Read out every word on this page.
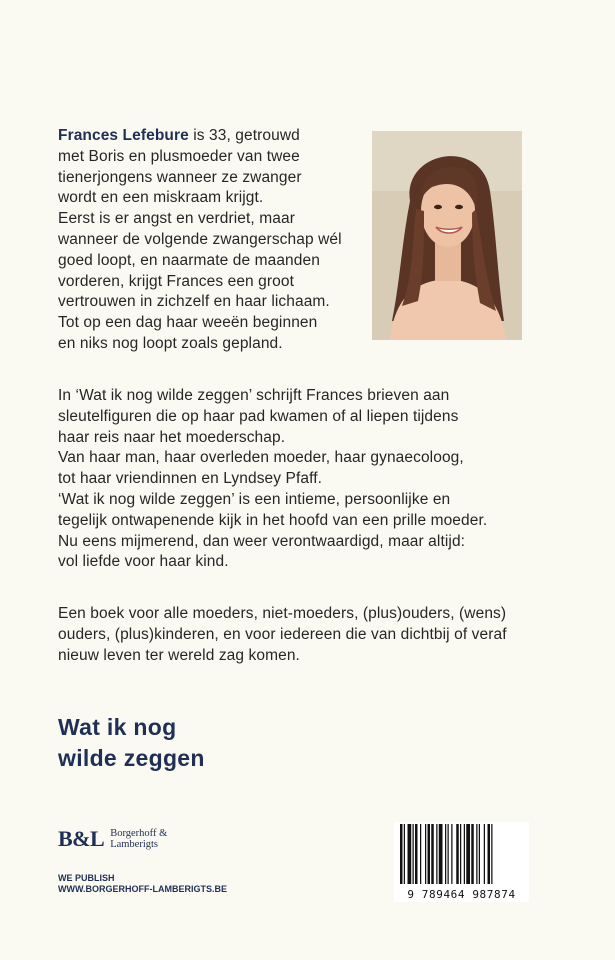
Frances Lefebure is 33, getrouwd
met Boris en plusmoeder van twee
tienerjongens wanneer ze zwanger
wordt en een miskraam krijgt.
Eerst is er angst en verdriet, maar
wanneer de volgende zwangerschap wél
goed loopt, en naarmate de maanden
vorderen, krijgt Frances een groot
vertrouwen in zichzelf en haar lichaam.
Tot op een dag haar weeën beginnen
en niks nog loopt zoals gepland.
In ‘Wat ik nog wilde zeggen’ schrijft Frances brieven aan
sleutelfiguren die op haar pad kwamen of al liepen tijdens
haar reis naar het moederschap.
Van haar man, haar overleden moeder, haar gynaecoloog,
tot haar vriendinnen en Lyndsey Pfaff.
‘Wat ik nog wilde zeggen’ is een intieme, persoonlijke en
tegelijk ontwapenende kijk in het hoofd van een prille moeder.
Nu eens mijmerend, dan weer verontwaardigd, maar altijd:
vol liefde voor haar kind.
Een boek voor alle moeders, niet-moeders, (plus)ouders, (wens)
ouders, (plus)kinderen, en voor iedereen die van dichtbij of veraf
nieuw leven ter wereld zag komen.
Wat ik nog
wilde zeggen
B&L Borgerhoff &
Lamberigts
WE PUBLISH
WWW.BORGERHOFF-LAMBERIGTS.BE	9 789464 987874
